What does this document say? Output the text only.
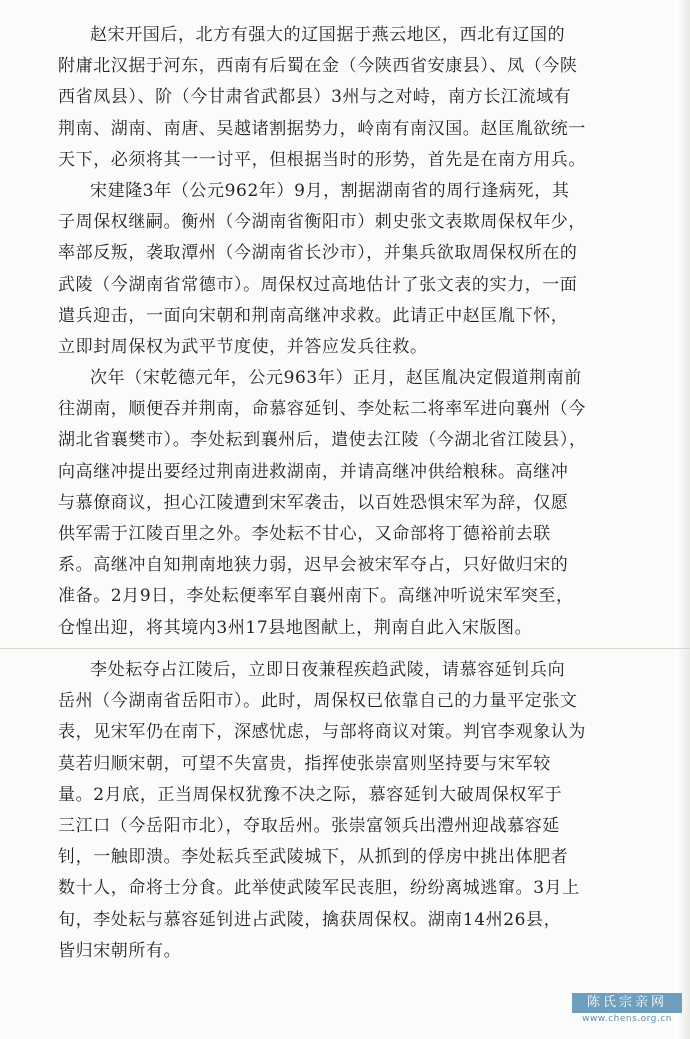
赵宋开国后，北方有强大的辽国据于燕云地区，西北有辽国的
附庸北汉据于河东，西南有后蜀在金（今陕西省安康县）、凤（今陕
西省凤县）、阶（今甘肃省武都县）3州与之对峙，南方长江流域有
荆南、湖南、南唐、吴越诸割据势力，岭南有南汉国。赵匡胤欲统一
天下，必须将其一一讨平，但根据当时的形势，首先是在南方用兵。
宋建隆3年（公元962年）9月，割据湖南省的周行逢病死，其
子周保权继嗣。衡州（今湖南省衡阳市）刺史张文表欺周保权年少，
率部反叛，袭取潭州（今湖南省长沙市），并集兵欲取周保权所在的
武陵（今湖南省常德市）。周保权过高地估计了张文表的实力，一面
遣兵迎击，一面向宋朝和荆南高继冲求救。此请正中赵匡胤下怀，
立即封周保权为武平节度使，并答应发兵往救。
次年（宋乾德元年，公元963年）正月，赵匡胤决定假道荆南前
往湖南，顺便吞并荆南，命慕容延钊、李处耘二将率军进向襄州（今
湖北省襄樊市）。李处耘到襄州后，遣使去江陵（今湖北省江陵县），
向高继冲提出要经过荆南进救湖南，并请高继冲供给粮秣。高继冲
与慕僚商议，担心江陵遭到宋军袭击，以百姓恐惧宋军为辞，仅愿
供军需于江陵百里之外。李处耘不甘心，又命部将丁德裕前去联
系。高继冲自知荆南地狭力弱，迟早会被宋军夺占，只好做归宋的
准备。2月9日，李处耘便率军自襄州南下。高继冲听说宋军突至，
仓惶出迎，将其境内3州17县地图献上，荆南自此入宋版图。
李处耘夺占江陵后，立即日夜兼程疾趋武陵，请慕容延钊兵向
岳州（今湖南省岳阳市）。此时，周保权已依靠自己的力量平定张文
表，见宋军仍在南下，深感忧虑，与部将商议对策。判官李观象认为
莫若归顺宋朝，可望不失富贵，指挥使张崇富则坚持要与宋军较
量。2月底，正当周保权犹豫不决之际，慕容延钊大破周保权军于
三江口（今岳阳市北），夺取岳州。张崇富领兵出澧州迎战慕容延
钊，一触即溃。李处耘兵至武陵城下，从抓到的俘房中挑出体肥者
数十人，命将士分食。此举使武陵军民丧胆，纷纷离城逃窜。3月上
旬，李处耘与慕容延钊进占武陵，擒获周保权。湖南14州26县，
皆归宋朝所有。
陈氏宗亲网
www.chens.org.cn
